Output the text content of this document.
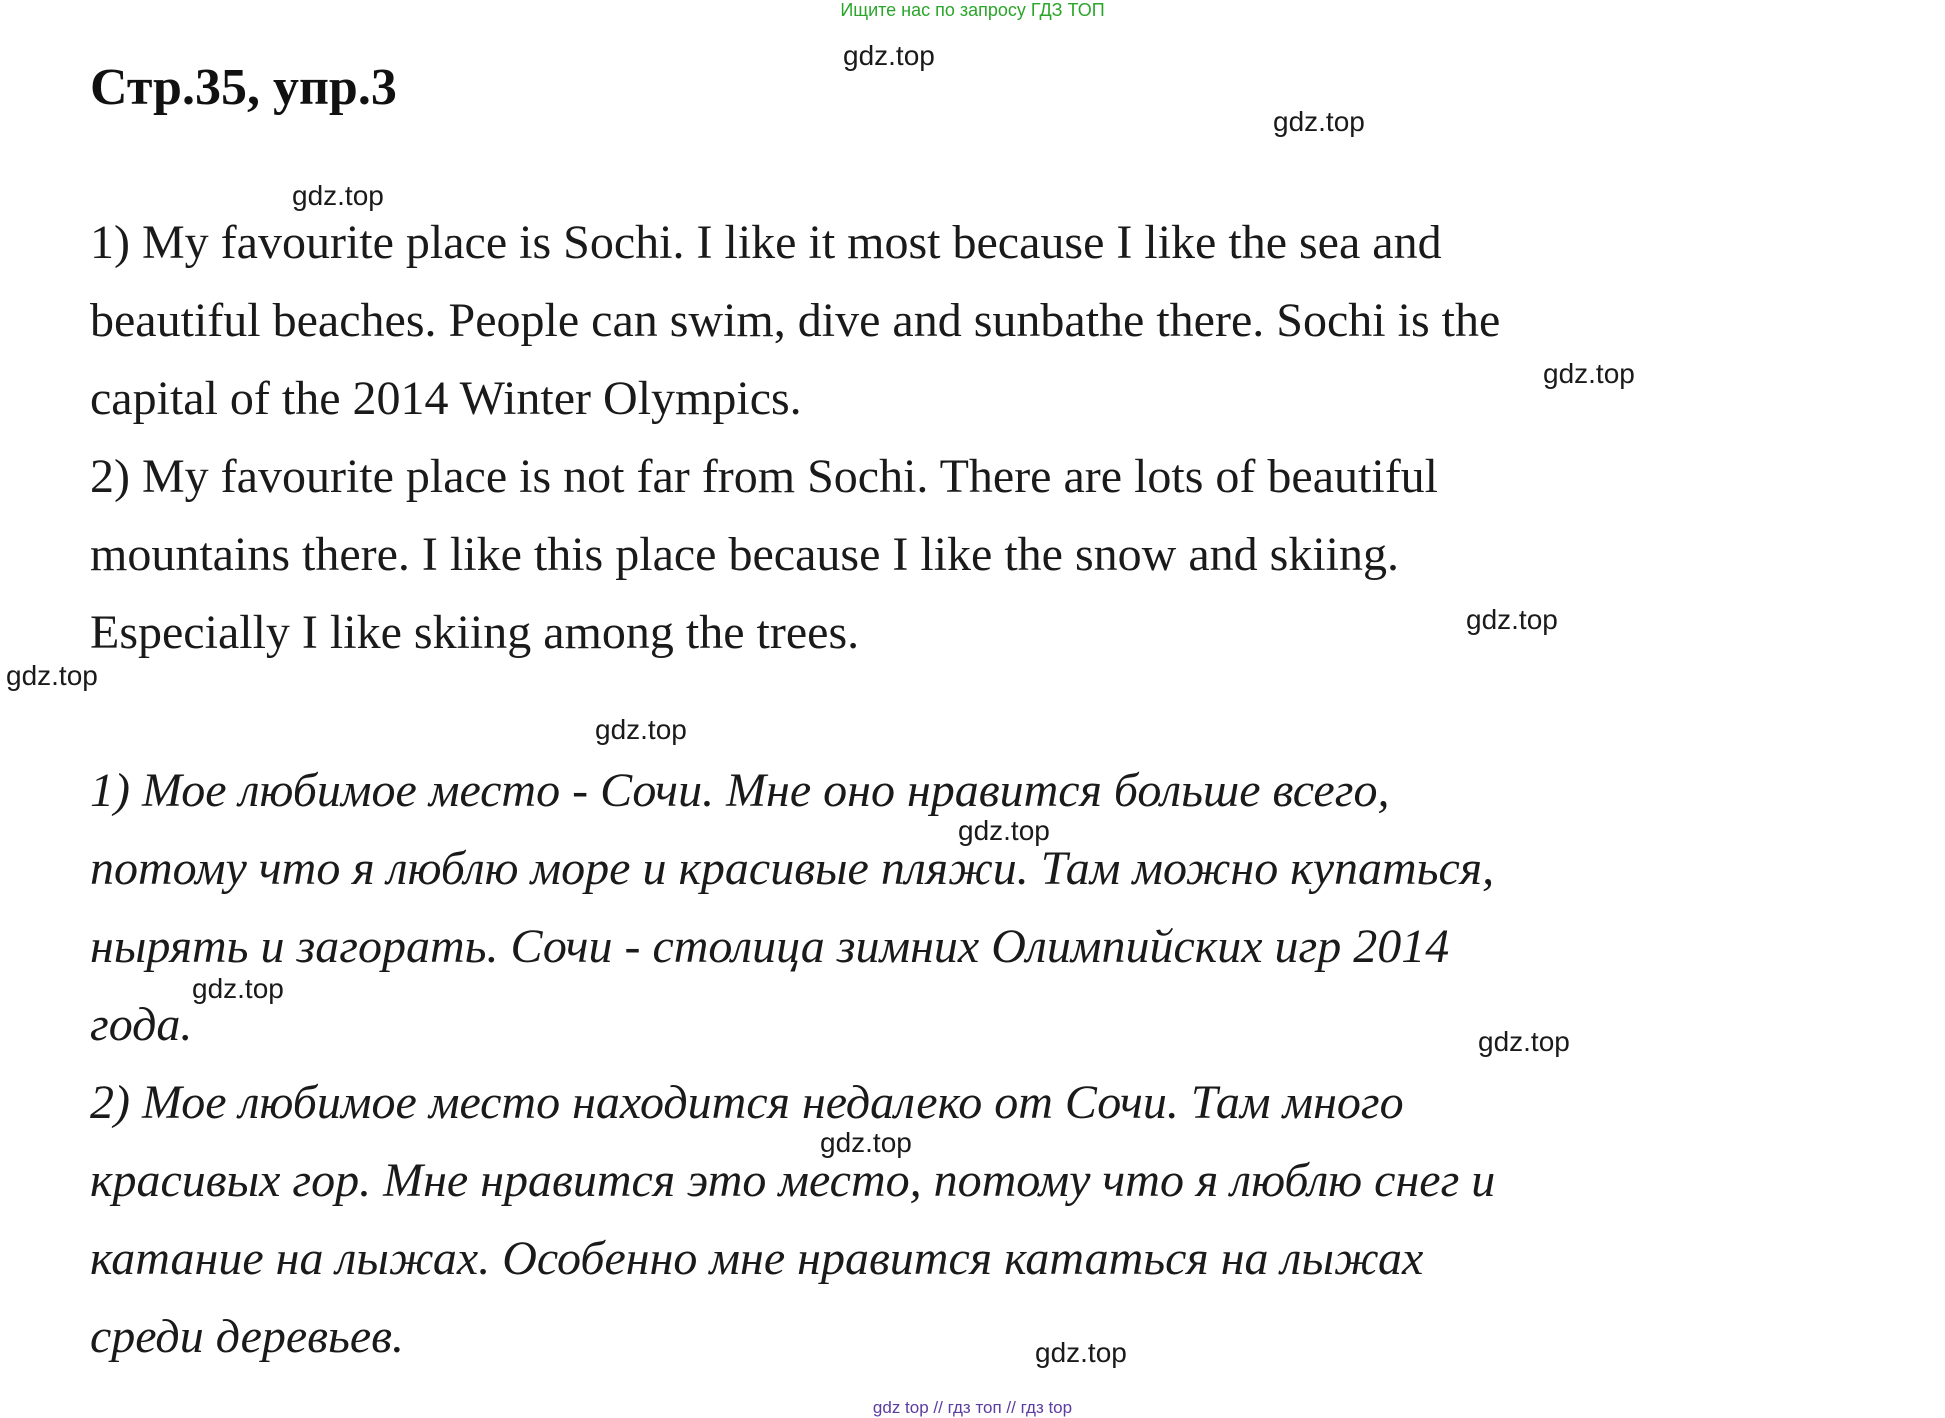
Ищите нас по запросу ГДЗ ТОП
Стр.35, упр.3
1) My favourite place is Sochi. I like it most because I like the sea and
beautiful beaches. People can swim, dive and sunbathe there. Sochi is the
capital of the 2014 Winter Olympics.
2) My favourite place is not far from Sochi. There are lots of beautiful
mountains there. I like this place because I like the snow and skiing.
Especially I like skiing among the trees.
1) Мое любимое место - Сочи. Мне оно нравится больше всего,
потому что я люблю море и красивые пляжи. Там можно купаться,
нырять и загорать. Сочи - столица зимних Олимпийских игр 2014
года.
2) Мое любимое место находится недалеко от Сочи. Там много
красивых гор. Мне нравится это место, потому что я люблю снег и
катание на лыжах. Особенно мне нравится кататься на лыжах
среди деревьев.
gdz.top
gdz.top
gdz.top
gdz.top
gdz.top
gdz.top
gdz.top
gdz.top
gdz.top
gdz.top
gdz.top
gdz.top
gdz top // гдз топ // гдз top
